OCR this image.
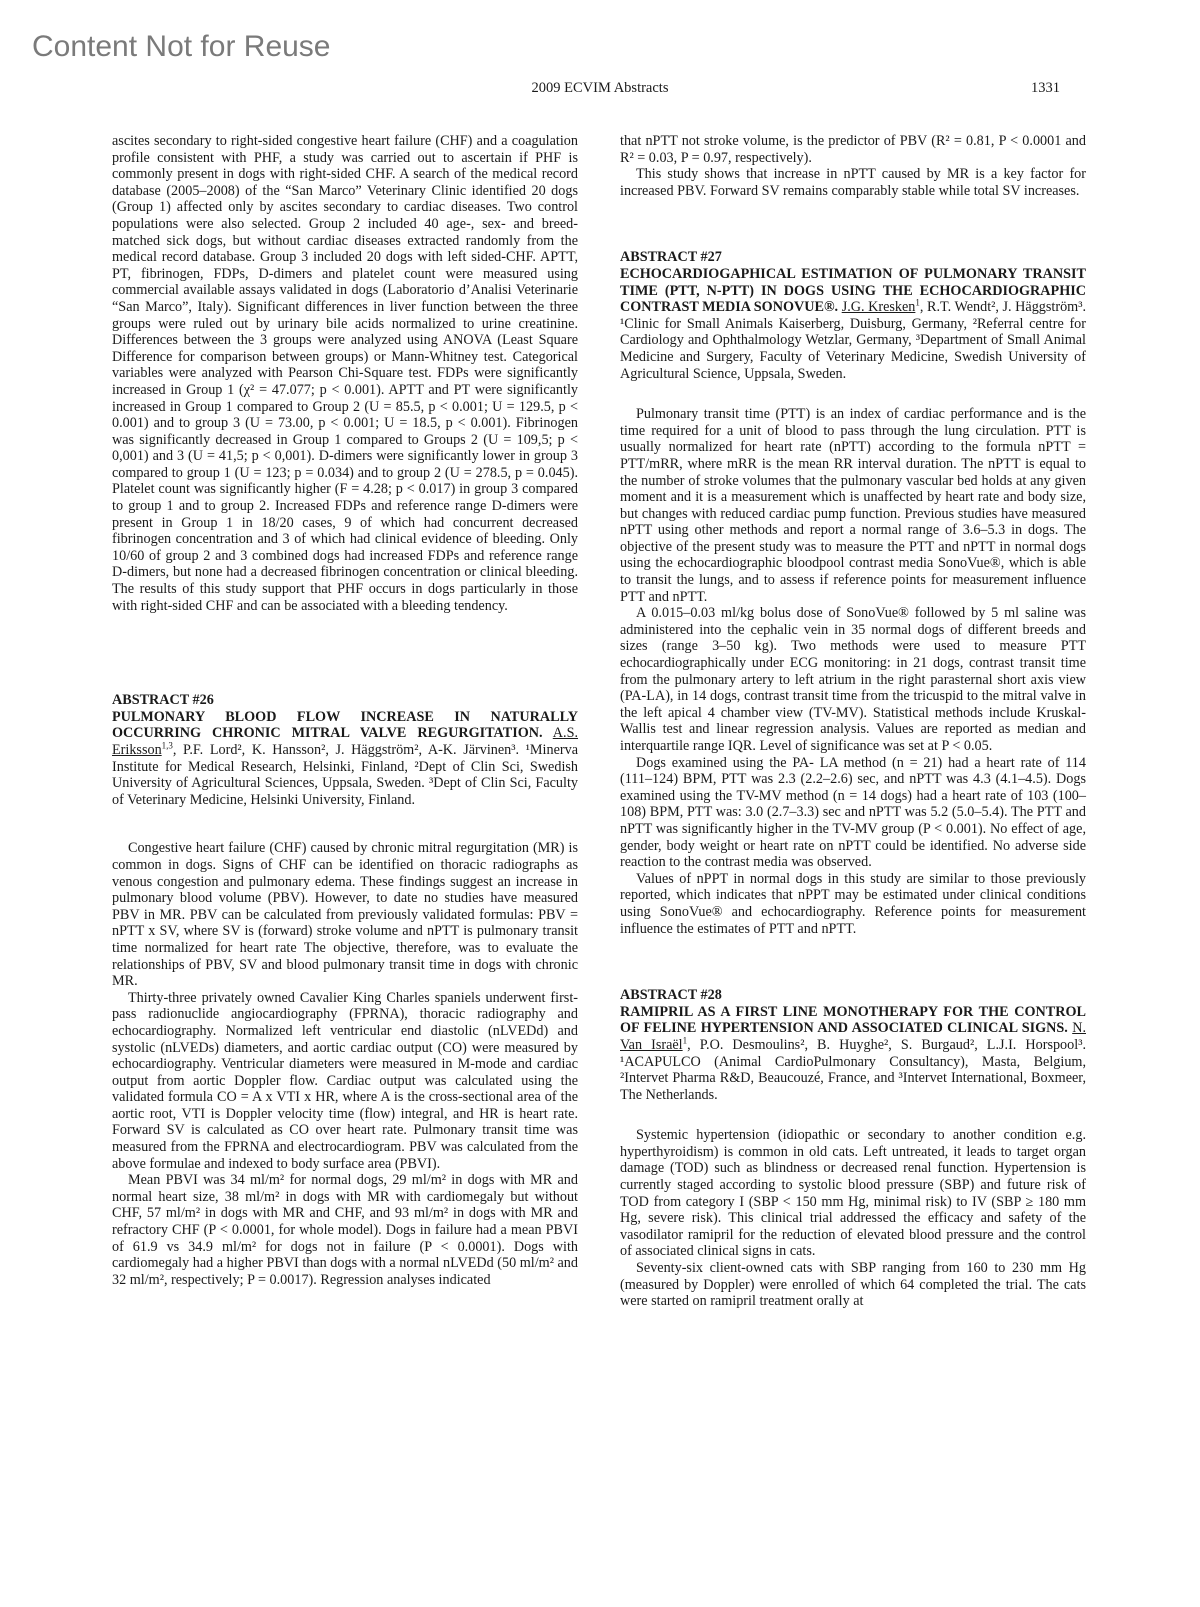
Content Not for Reuse
2009 ECVIM Abstracts	1331

ascites secondary to right-sided congestive heart failure (CHF) and a coagulation profile consistent with PHF, a study was carried out to ascertain if PHF is commonly present in dogs with right-sided CHF. A search of the medical record database (2005–2008) of the “San Marco” Veterinary Clinic identified 20 dogs (Group 1) affected only by ascites secondary to cardiac diseases. Two control populations were also selected. Group 2 included 40 age-, sex- and breed-matched sick dogs, but without cardiac diseases extracted randomly from the medical record database. Group 3 included 20 dogs with left sided-CHF. APTT, PT, fibrinogen, FDPs, D-dimers and platelet count were measured using commercial available assays validated in dogs (Laboratorio d’Analisi Veterinarie “San Marco”, Italy). Significant differences in liver function between the three groups were ruled out by urinary bile acids normalized to urine creatinine. Differences between the 3 groups were analyzed using ANOVA (Least Square Difference for comparison between groups) or Mann-Whitney test. Categorical variables were analyzed with Pearson Chi-Square test. FDPs were significantly increased in Group 1 (χ² = 47.077; p < 0.001). APTT and PT were significantly increased in Group 1 compared to Group 2 (U = 85.5, p < 0.001; U = 129.5, p < 0.001) and to group 3 (U = 73.00, p < 0.001; U = 18.5, p < 0.001). Fibrinogen was significantly decreased in Group 1 compared to Groups 2 (U = 109,5; p < 0,001) and 3 (U = 41,5; p < 0,001). D-dimers were significantly lower in group 3 compared to group 1 (U = 123; p = 0.034) and to group 2 (U = 278.5, p = 0.045). Platelet count was significantly higher (F = 4.28; p < 0.017) in group 3 compared to group 1 and to group 2. Increased FDPs and reference range D-dimers were present in Group 1 in 18/20 cases, 9 of which had concurrent decreased fibrinogen concentration and 3 of which had clinical evidence of bleeding. Only 10/60 of group 2 and 3 combined dogs had increased FDPs and reference range D-dimers, but none had a decreased fibrinogen concentration or clinical bleeding. The results of this study support that PHF occurs in dogs particularly in those with right-sided CHF and can be associated with a bleeding tendency.

ABSTRACT #26

PULMONARY BLOOD FLOW INCREASE IN NATURALLY OCCURRING CHRONIC MITRAL VALVE REGURGITATION. A.S. Eriksson$^{1,3}$, P.F. Lord², K. Hansson², J. Häggström², A-K. Järvinen³. ¹Minerva Institute for Medical Research, Helsinki, Finland, ²Dept of Clin Sci, Swedish University of Agricultural Sciences, Uppsala, Sweden. ³Dept of Clin Sci, Faculty of Veterinary Medicine, Helsinki University, Finland.

Congestive heart failure (CHF) caused by chronic mitral regurgitation (MR) is common in dogs. Signs of CHF can be identified on thoracic radiographs as venous congestion and pulmonary edema. These findings suggest an increase in pulmonary blood volume (PBV). However, to date no studies have measured PBV in MR. PBV can be calculated from previously validated formulas: PBV = nPTT x SV, where SV is (forward) stroke volume and nPTT is pulmonary transit time normalized for heart rate The objective, therefore, was to evaluate the relationships of PBV, SV and blood pulmonary transit time in dogs with chronic MR.

Thirty-three privately owned Cavalier King Charles spaniels underwent first-pass radionuclide angiocardiography (FPRNA), thoracic radiography and echocardiography. Normalized left ventricular end diastolic (nLVEDd) and systolic (nLVEDs) diameters, and aortic cardiac output (CO) were measured by echocardiography. Ventricular diameters were measured in M-mode and cardiac output from aortic Doppler flow. Cardiac output was calculated using the validated formula CO = A x VTI x HR, where A is the cross-sectional area of the aortic root, VTI is Doppler velocity time (flow) integral, and HR is heart rate. Forward SV is calculated as CO over heart rate. Pulmonary transit time was measured from the FPRNA and electrocardiogram. PBV was calculated from the above formulae and indexed to body surface area (PBVI).

Mean PBVI was 34 ml/m² for normal dogs, 29 ml/m² in dogs with MR and normal heart size, 38 ml/m² in dogs with MR with cardiomegaly but without CHF, 57 ml/m² in dogs with MR and CHF, and 93 ml/m² in dogs with MR and refractory CHF (P < 0.0001, for whole model). Dogs in failure had a mean PBVI of 61.9 vs 34.9 ml/m² for dogs not in failure (P < 0.0001). Dogs with cardiomegaly had a higher PBVI than dogs with a normal nLVEDd (50 ml/m² and 32 ml/m², respectively; P = 0.0017). Regression analyses indicated

that nPTT not stroke volume, is the predictor of PBV (R² = 0.81, P < 0.0001 and R² = 0.03, P = 0.97, respectively).

This study shows that increase in nPTT caused by MR is a key factor for increased PBV. Forward SV remains comparably stable while total SV increases.

ABSTRACT #27

ECHOCARDIOGAPHICAL ESTIMATION OF PULMONARY TRANSIT TIME (PTT, N-PTT) IN DOGS USING THE ECHOCARDIOGRAPHIC CONTRAST MEDIA SONOVUE®. J.G. Kresken$^1$, R.T. Wendt², J. Häggström³. ¹Clinic for Small Animals Kaiserberg, Duisburg, Germany, ²Referral centre for Cardiology and Ophthalmology Wetzlar, Germany, ³Department of Small Animal Medicine and Surgery, Faculty of Veterinary Medicine, Swedish University of Agricultural Science, Uppsala, Sweden.

Pulmonary transit time (PTT) is an index of cardiac performance and is the time required for a unit of blood to pass through the lung circulation. PTT is usually normalized for heart rate (nPTT) according to the formula nPTT = PTT/mRR, where mRR is the mean RR interval duration. The nPTT is equal to the number of stroke volumes that the pulmonary vascular bed holds at any given moment and it is a measurement which is unaffected by heart rate and body size, but changes with reduced cardiac pump function. Previous studies have measured nPTT using other methods and report a normal range of 3.6–5.3 in dogs. The objective of the present study was to measure the PTT and nPTT in normal dogs using the echocardiographic bloodpool contrast media SonoVue®, which is able to transit the lungs, and to assess if reference points for measurement influence PTT and nPTT.

A 0.015–0.03 ml/kg bolus dose of SonoVue® followed by 5 ml saline was administered into the cephalic vein in 35 normal dogs of different breeds and sizes (range 3–50 kg). Two methods were used to measure PTT echocardiographically under ECG monitoring: in 21 dogs, contrast transit time from the pulmonary artery to left atrium in the right parasternal short axis view (PA-LA), in 14 dogs, contrast transit time from the tricuspid to the mitral valve in the left apical 4 chamber view (TV-MV). Statistical methods include Kruskal-Wallis test and linear regression analysis. Values are reported as median and interquartile range IQR. Level of significance was set at P < 0.05.

Dogs examined using the PA- LA method (n = 21) had a heart rate of 114 (111–124) BPM, PTT was 2.3 (2.2–2.6) sec, and nPTT was 4.3 (4.1–4.5). Dogs examined using the TV-MV method (n = 14 dogs) had a heart rate of 103 (100–108) BPM, PTT was: 3.0 (2.7–3.3) sec and nPTT was 5.2 (5.0–5.4). The PTT and nPTT was significantly higher in the TV-MV group (P < 0.001). No effect of age, gender, body weight or heart rate on nPTT could be identified. No adverse side reaction to the contrast media was observed.

Values of nPPT in normal dogs in this study are similar to those previously reported, which indicates that nPPT may be estimated under clinical conditions using SonoVue® and echocardiography. Reference points for measurement influence the estimates of PTT and nPTT.

ABSTRACT #28

RAMIPRIL AS A FIRST LINE MONOTHERAPY FOR THE CONTROL OF FELINE HYPERTENSION AND ASSOCIATED CLINICAL SIGNS. N. Van Israël$^1$, P.O. Desmoulins², B. Huyghe², S. Burgaud², L.J.I. Horspool³. ¹ACAPULCO (Animal CardioPulmonary Consultancy), Masta, Belgium, ²Intervet Pharma R&D, Beaucouzé, France, and ³Intervet International, Boxmeer, The Netherlands.

Systemic hypertension (idiopathic or secondary to another condition e.g. hyperthyroidism) is common in old cats. Left untreated, it leads to target organ damage (TOD) such as blindness or decreased renal function. Hypertension is currently staged according to systolic blood pressure (SBP) and future risk of TOD from category I (SBP < 150 mm Hg, minimal risk) to IV (SBP ≥ 180 mm Hg, severe risk). This clinical trial addressed the efficacy and safety of the vasodilator ramipril for the reduction of elevated blood pressure and the control of associated clinical signs in cats.

Seventy-six client-owned cats with SBP ranging from 160 to 230 mm Hg (measured by Doppler) were enrolled of which 64 completed the trial. The cats were started on ramipril treatment orally at
